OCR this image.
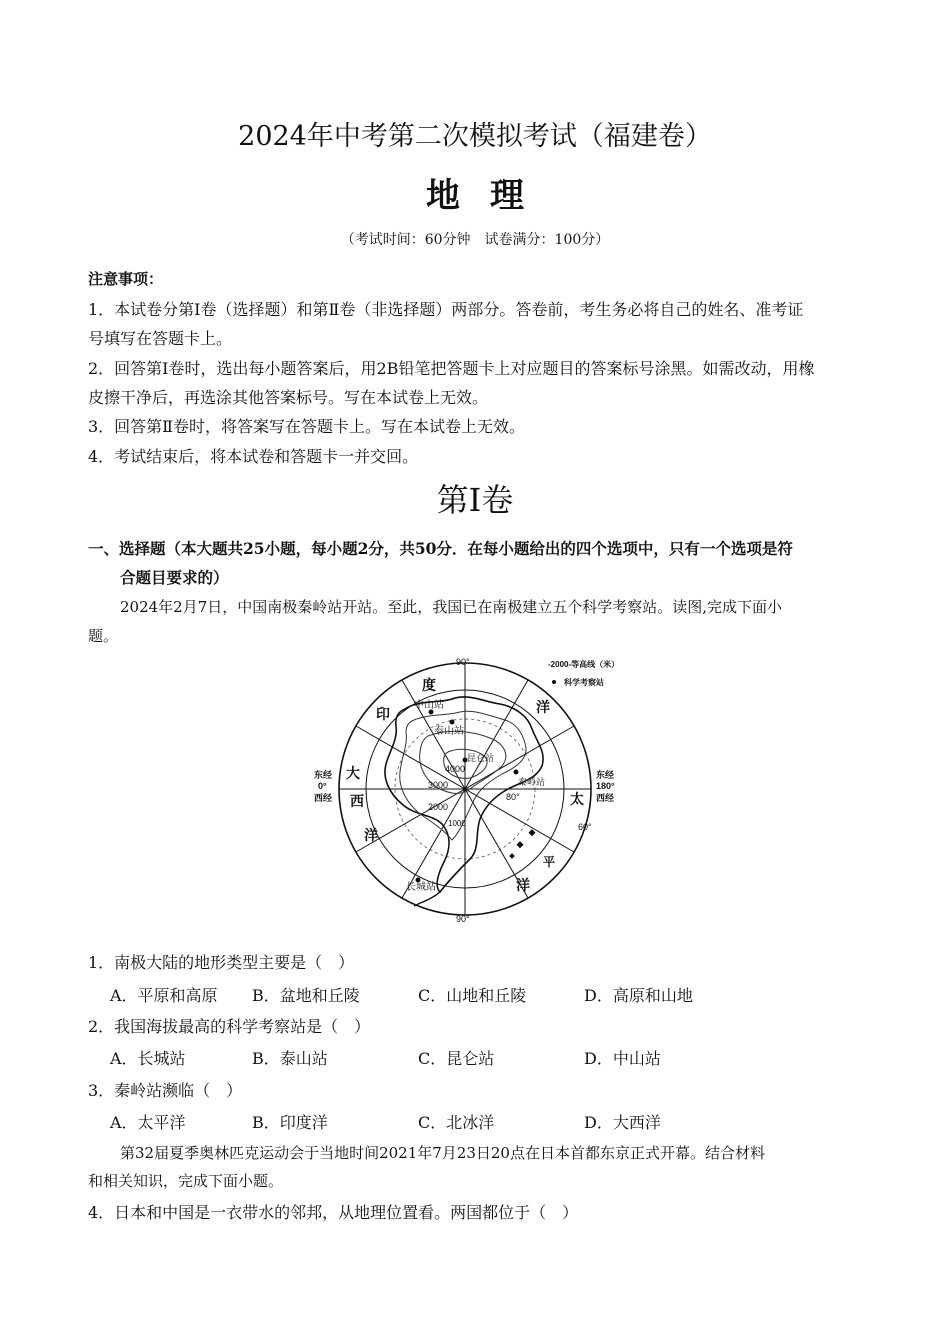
2024年中考第二次模拟考试（福建卷）
地理
（考试时间：60分钟　试卷满分：100分）
注意事项：
1．本试卷分第Ⅰ卷（选择题）和第Ⅱ卷（非选择题）两部分。答卷前，考生务必将自己的姓名、准考证
号填写在答题卡上。
2．回答第Ⅰ卷时，选出每小题答案后，用2B铅笔把答题卡上对应题目的答案标号涂黑。如需改动，用橡
皮擦干净后，再选涂其他答案标号。写在本试卷上无效。
3．回答第Ⅱ卷时，将答案写在答题卡上。写在本试卷上无效。
4．考试结束后，将本试卷和答题卡一并交回。
第Ⅰ卷
一、选择题（本大题共25小题，每小题2分，共50分．在每小题给出的四个选项中，只有一个选项是符
合题目要求的）
2024年2月7日，中国南极秦岭站开站。至此，我国已在南极建立五个科学考察站。读图,完成下面小
题。
中山站
泰山站
昆仑站
秦岭站
长城站
4000
3000
2000
1000
度
印	洋
大
西
洋
太
平
洋
90°
90°
东经
0°
西经
东经
180°
西经
60°
80°
-2000-等高线（米）
科学考察站
1．南极大陆的地形类型主要是（　）
A．平原和高原 B．盆地和丘陵	C．山地和丘陵	D．高原和山地
2．我国海拔最高的科学考察站是（　）
A．长城站	B．泰山站	C．昆仑站	D．中山站
3．秦岭站濒临（　）
A．太平洋	B．印度洋	C．北冰洋	D．大西洋
第32届夏季奥林匹克运动会于当地时间2021年7月23日20点在日本首都东京正式开幕。结合材料
和相关知识，完成下面小题。
4．日本和中国是一衣带水的邻邦，从地理位置看。两国都位于（　）
